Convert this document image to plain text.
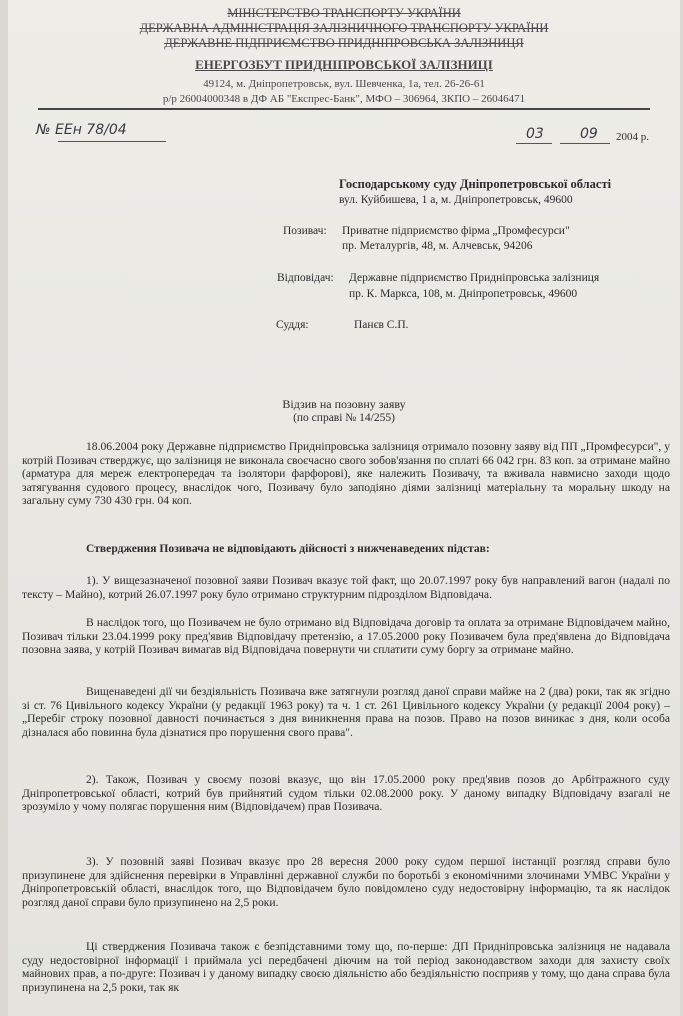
МІНІСТЕРСТВО ТРАНСПОРТУ УКРАЇНИ
ДЕРЖАВНА АДМІНІСТРАЦІЯ ЗАЛІЗНИЧНОГО ТРАНСПОРТУ УКРАЇНИ
ДЕРЖАВНЕ ПІДПРИЄМСТВО ПРИДНІПРОВСЬКА ЗАЛІЗНИЦЯ
ЕНЕРГОЗБУТ ПРИДНІПРОВСЬКОЇ ЗАЛІЗНИЦІ
49124, м. Дніпропетровськ, вул. Шевченка, 1а, тел. 26-26-61
р/р 26004000348 в ДФ АБ "Експрес-Банк", МФО – 306964, ЗКПО – 26046471
№ ЕЕн 78/04	03	09 2004 р.
Господарському суду Дніпропетровської області
вул. Куйбишева, 1 а, м. Дніпропетровськ, 49600
Позивач: Приватне підприємство фірма „Промфесурси"
пр. Металургів, 48, м. Алчевськ, 94206
Відповідач: Державне підприємство Придніпровська залізниця
пр. К. Маркса, 108, м. Дніпропетровськ, 49600
Суддя:	Панєв С.П.
Відзив на позовну заяву
(по справі № 14/255)
18.06.2004 року Державне підприємство Придніпровська залізниця отримало позовну заяву від ПП „Промфесурси", у котрій Позивач стверджує, що залізниця не виконала своєчасно свого зобов'язання по сплаті 66 042 грн. 83 коп. за отримане майно (арматура для мереж електропередач та ізолятори фарфорові), яке належить Позивачу, та вживала навмисно заходи щодо затягування судового процесу, внаслідок чого, Позивачу було заподіяно діями залізниці матеріальну та моральну шкоду на загальну суму 730 430 грн. 04 коп.
Стверджения Позивача не відповідають дійсності з нижченаведених підстав:
1). У вищезазначеної позовної заяви Позивач вказує той факт, що 20.07.1997 року був направлений вагон (надалі по тексту – Майно), котрий 26.07.1997 року було отримано структурним підрозділом Відповідача.
В наслідок того, що Позивачем не було отримано від Відповідача договір та оплата за отримане Відповідачем майно, Позивач тільки 23.04.1999 року пред'явив Відповідачу претензію, а 17.05.2000 року Позивачем була пред'явлена до Відповідача позовна заява, у котрій Позивач вимагав від Відповідача повернути чи сплатити суму боргу за отримане майно.
Вищенаведені дії чи бездіяльність Позивача вже затягнули розгляд даної справи майже на 2 (два) роки, так як згідно зі ст. 76 Цивільного кодексу України (у редакції 1963 року) та ч. 1 ст. 261 Цивільного кодексу України (у редакції 2004 року) – „Перебіг строку позовної давності починається з дня виникнення права на позов. Право на позов виникає з дня, коли особа дізналася або повинна була дізнатися про порушення свого права".
2). Також, Позивач у своєму позові вказує, що він 17.05.2000 року пред'явив позов до Арбітражного суду Дніпропетровської області, котрий був прийнятий судом тільки 02.08.2000 року. У даному випадку Відповідачу взагалі не зрозуміло у чому полягає порушення ним (Відповідачем) прав Позивача.
3). У позовній заяві Позивач вказує про 28 вересня 2000 року судом першої інстанції розгляд справи було призупинене для здійснення перевірки в Управлінні державної служби по боротьбі з економічними злочинами УМВС України у Дніпропетровській області, внаслідок того, що Відповідачем було повідомлено суду недостовірну інформацію, та як наслідок розгляд даної справи було призупинено на 2,5 роки.
Ці стверджения Позивача також є безпідставними тому що, по-перше: ДП Придніпровська залізниця не надавала суду недостовірної інформації і приймала усі передбачені діючим на той період законодавством заходи для захисту своїх майнових прав, а по-друге: Позивач і у даному випадку своєю діяльністю або бездіяльністю посприяв у тому, що дана справа була призупинена на 2,5 роки, так як
